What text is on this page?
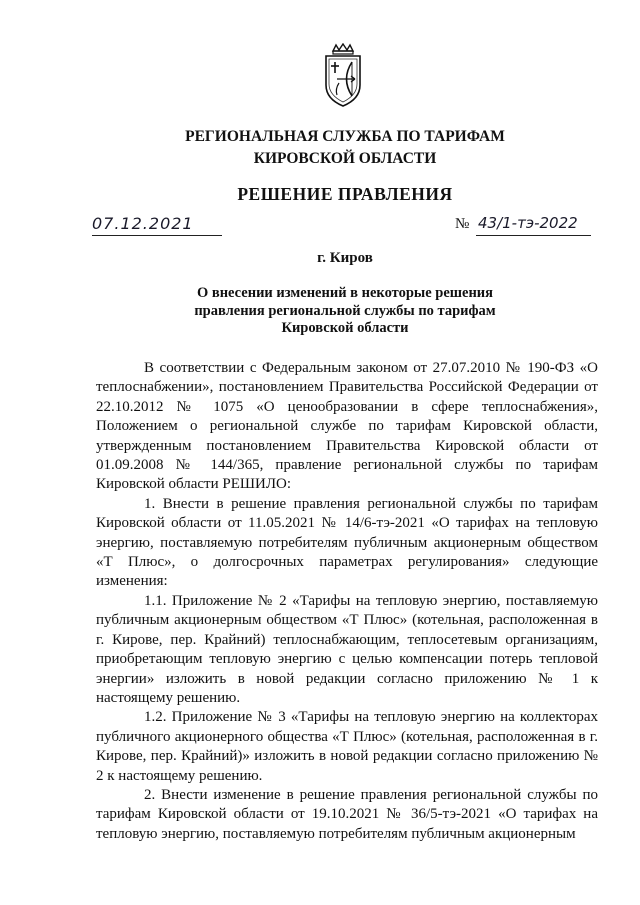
РЕГИОНАЛЬНАЯ СЛУЖБА ПО ТАРИФАМ
КИРОВСКОЙ ОБЛАСТИ
РЕШЕНИЕ ПРАВЛЕНИЯ
07.12.2021	№ 43/1-тэ-2022
г. Киров
О внесении изменений в некоторые решения
правления региональной службы по тарифам
Кировской области

В соответствии с Федеральным законом от 27.07.2010 № 190-ФЗ «О теплоснабжении», постановлением Правительства Российской Федерации от 22.10.2012 № 1075 «О ценообразовании в сфере теплоснабжения», Положением о региональной службе по тарифам Кировской области, утвержденным постановлением Правительства Кировской области от 01.09.2008 № 144/365, правление региональной службы по тарифам Кировской области РЕШИЛО:

1. Внести в решение правления региональной службы по тарифам Кировской области от 11.05.2021 № 14/6-тэ-2021 «О тарифах на тепловую энергию, поставляемую потребителям публичным акционерным обществом «Т Плюс», о долгосрочных параметрах регулирования» следующие изменения:

1.1. Приложение № 2 «Тарифы на тепловую энергию, поставляемую публичным акционерным обществом «Т Плюс» (котельная, расположенная в г. Кирове, пер. Крайний) теплоснабжающим, теплосетевым организациям, приобретающим тепловую энергию с целью компенсации потерь тепловой энергии» изложить в новой редакции согласно приложению № 1 к настоящему решению.

1.2. Приложение № 3 «Тарифы на тепловую энергию на коллекторах публичного акционерного общества «Т Плюс» (котельная, расположенная в г. Кирове, пер. Крайний)» изложить в новой редакции согласно приложению № 2 к настоящему решению.

2. Внести изменение в решение правления региональной службы по тарифам Кировской области от 19.10.2021 № 36/5-тэ-2021 «О тарифах на тепловую энергию, поставляемую потребителям публичным акционерным
